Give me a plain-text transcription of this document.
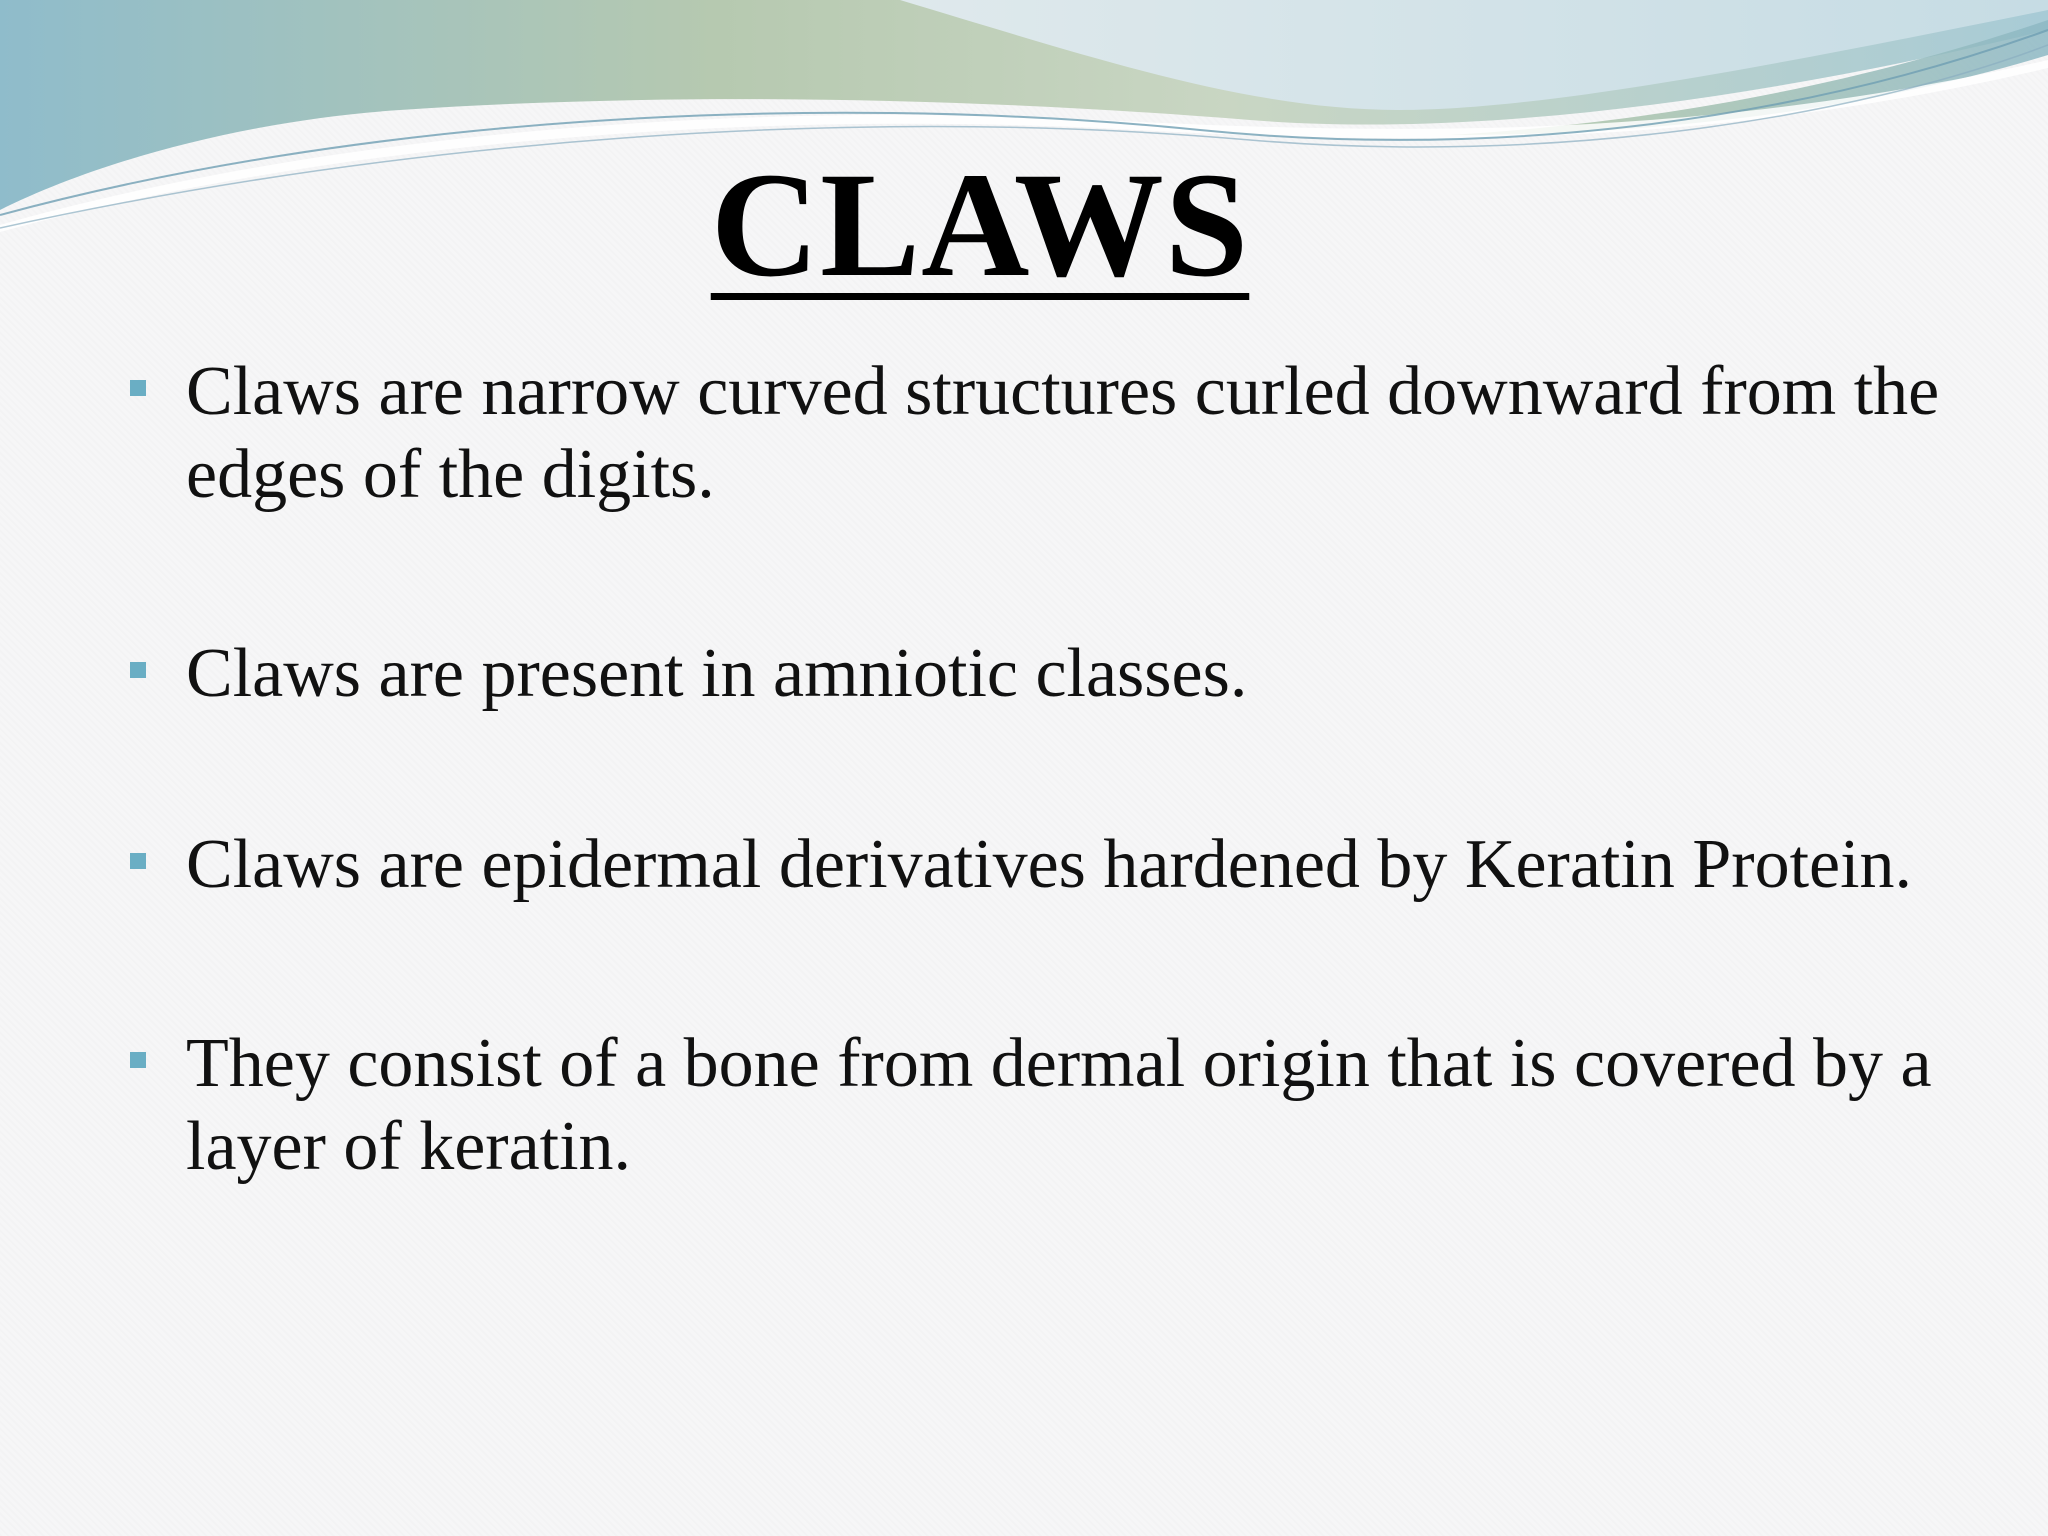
CLAWS
Claws are narrow curved structures curled downward from the edges of the digits.
Claws are present in amniotic classes.
Claws are epidermal derivatives hardened by Keratin Protein.
They consist of a bone from dermal origin that is covered by a layer of keratin.
